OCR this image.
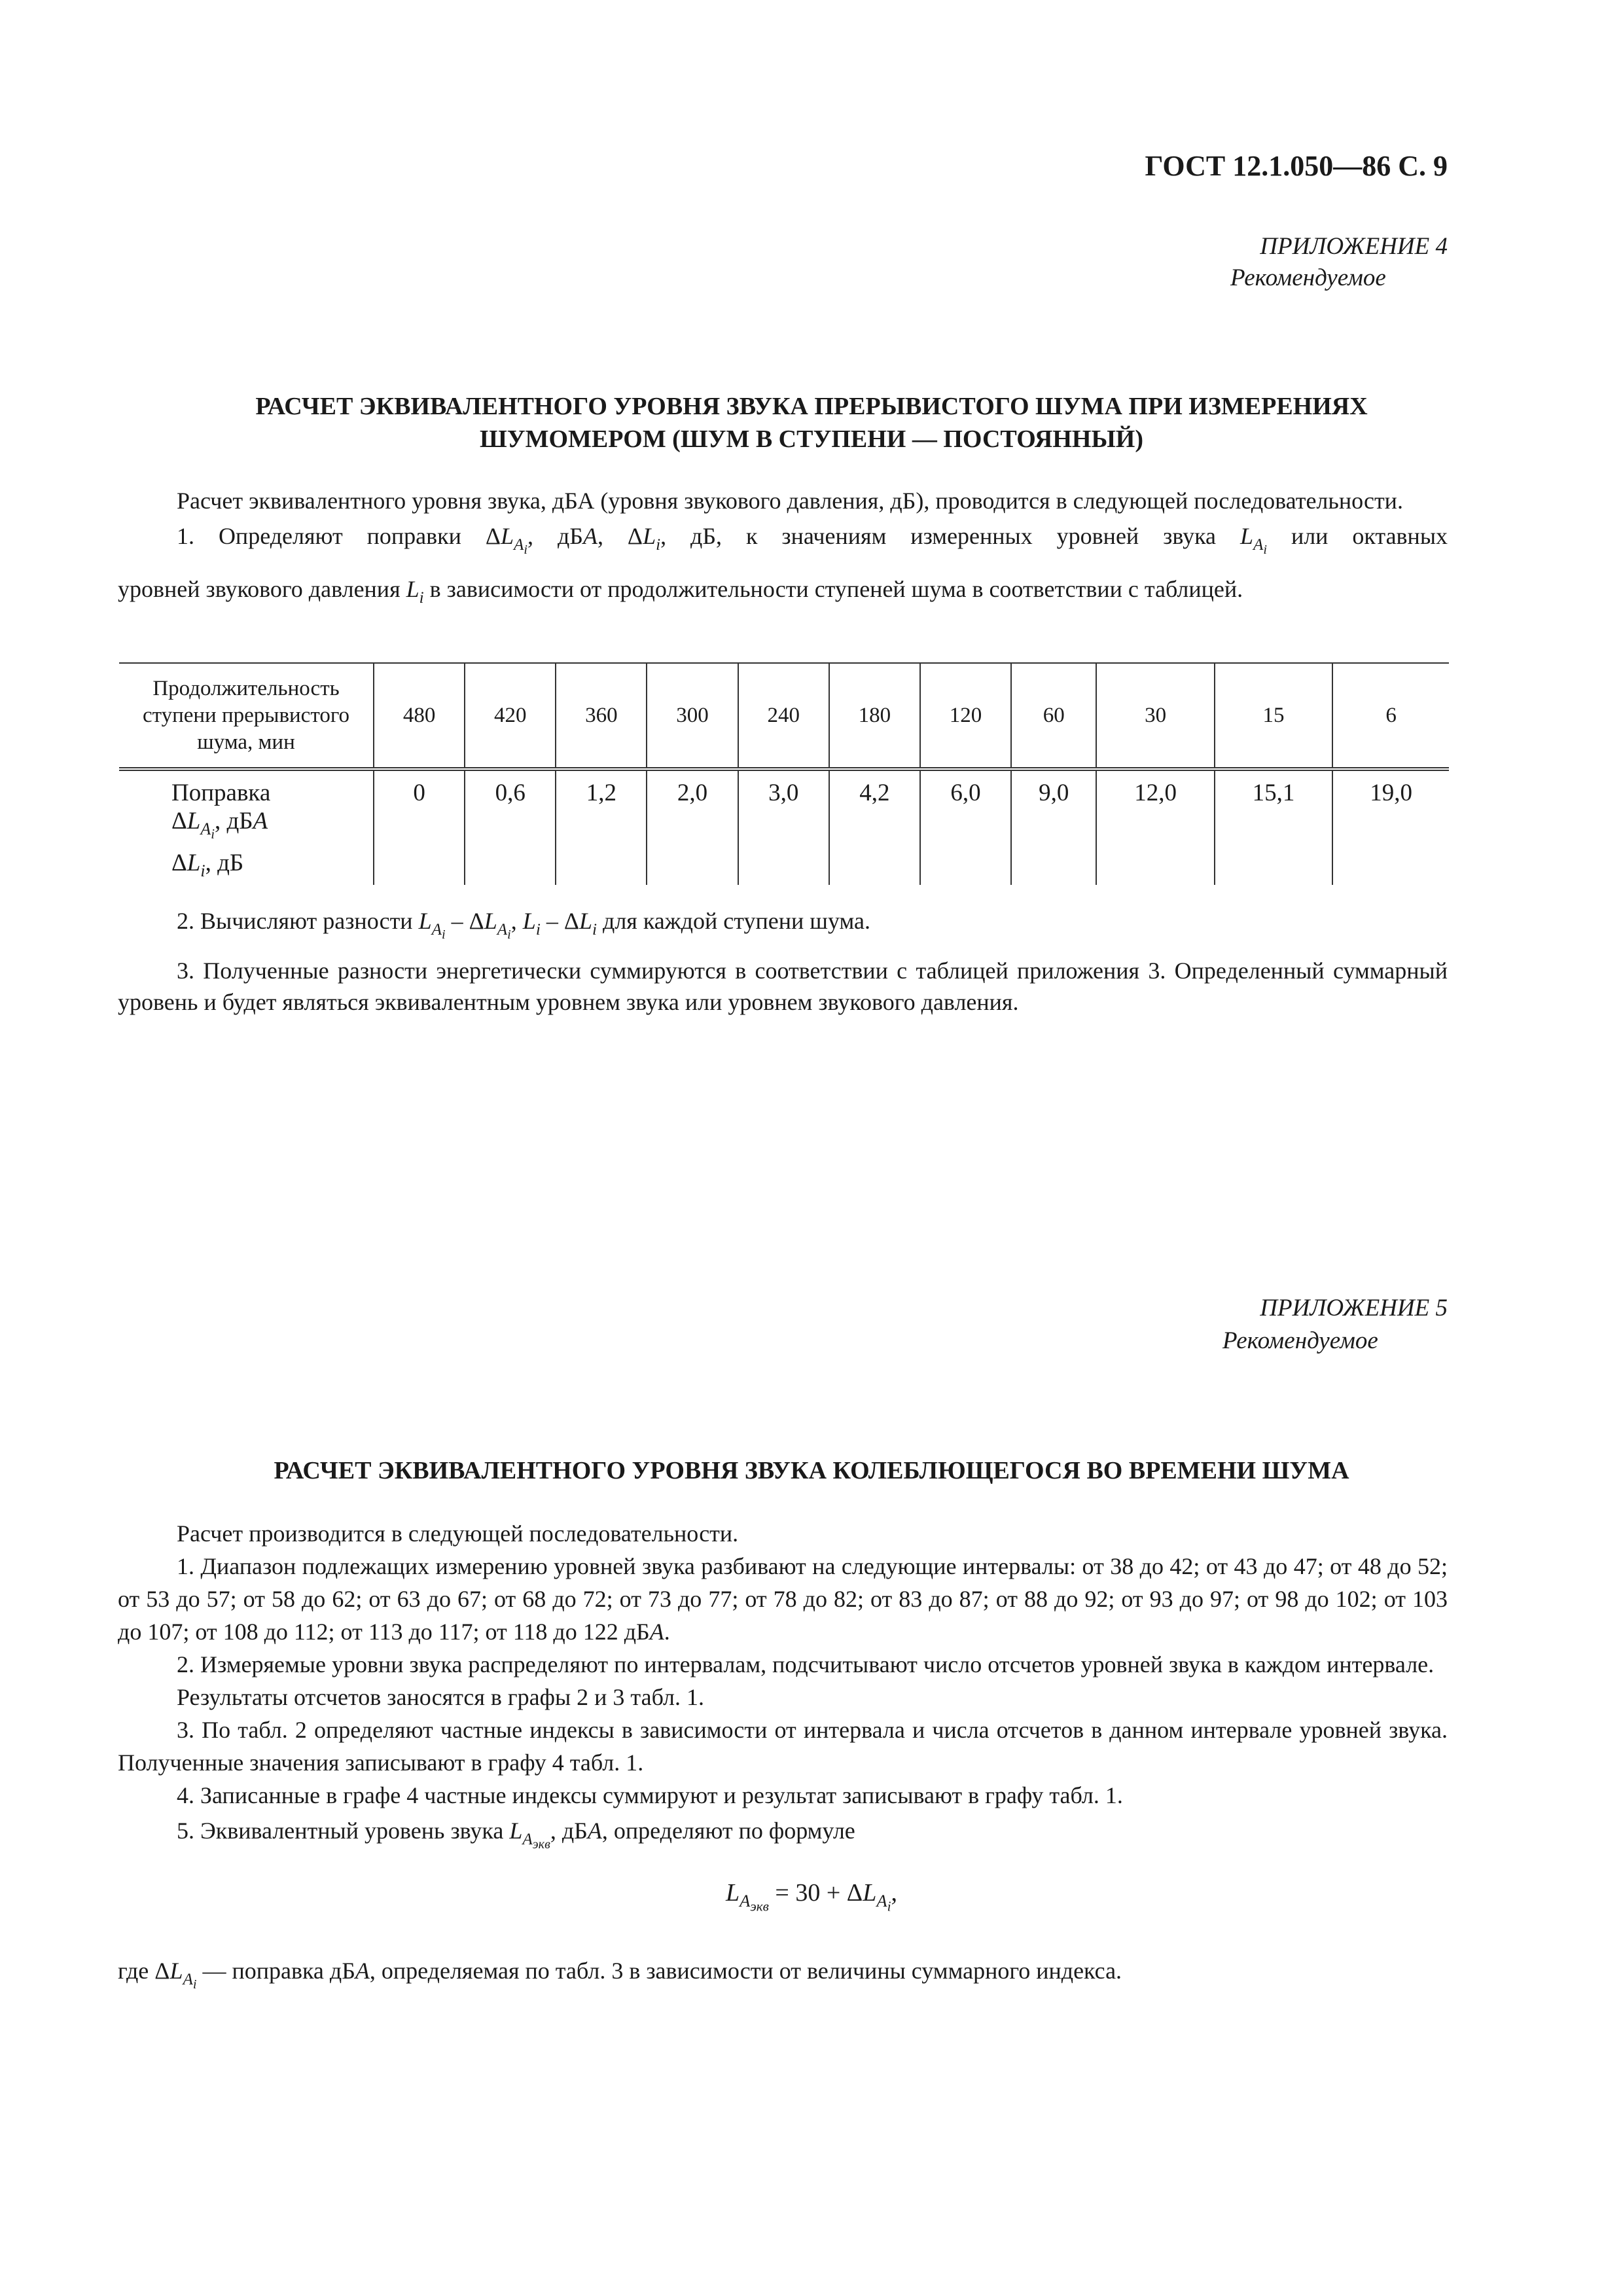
ГОСТ 12.1.050—86 С. 9
ПРИЛОЖЕНИЕ 4
Рекомендуемое

РАСЧЕТ ЭКВИВАЛЕНТНОГО УРОВНЯ ЗВУКА ПРЕРЫВИСТОГО ШУМА ПРИ ИЗМЕРЕНИЯХ

ШУМОМЕРОМ (ШУМ В СТУПЕНИ — ПОСТОЯННЫЙ)

Расчет эквивалентного уровня звука, дБА (уровня звукового давления, дБ), проводится в следующей последовательности.

1. Определяют поправки $\Delta L_{A_i}$, дБА, $\Delta L_i$, дБ, к значениям измеренных уровней звука $L_{A_i}$ или октавных

уровней звукового давления $L_i$ в зависимости от продолжительности ступеней шума в соответствии с таблицей.

Продолжительность
ступени прерывистого
шума, мин	480	420	360	300	240	180	120	60	30	15	6

Поправка
$\Delta L_{A_i}$, дБА
$\Delta L_i$, дБ	0	0,6	1,2	2,0	3,0	4,2	6,0	9,0	12,0	15,1	19,0

2. Вычисляют разности $L_{A_i} - \Delta L_{A_i}$, $L_i - \Delta L_i$ для каждой ступени шума.

3. Полученные разности энергетически суммируются в соответствии с таблицей приложения 3. Определенный суммарный уровень и будет являться эквивалентным уровнем звука или уровнем звукового давления.

ПРИЛОЖЕНИЕ 5
Рекомендуемое

РАСЧЕТ ЭКВИВАЛЕНТНОГО УРОВНЯ ЗВУКА КОЛЕБЛЮЩЕГОСЯ ВО ВРЕМЕНИ ШУМА

Расчет производится в следующей последовательности.

1. Диапазон подлежащих измерению уровней звука разбивают на следующие интервалы: от 38 до 42; от 43 до 47; от 48 до 52; от 53 до 57; от 58 до 62; от 63 до 67; от 68 до 72; от 73 до 77; от 78 до 82; от 83 до 87; от 88 до 92; от 93 до 97; от 98 до 102; от 103 до 107; от 108 до 112; от 113 до 117; от 118 до 122 дБА.

2. Измеряемые уровни звука распределяют по интервалам, подсчитывают число отсчетов уровней звука в каждом интервале.

Результаты отсчетов заносятся в графы 2 и 3 табл. 1.

3. По табл. 2 определяют частные индексы в зависимости от интервала и числа отсчетов в данном интервале уровней звука. Полученные значения записывают в графу 4 табл. 1.

4. Записанные в графе 4 частные индексы суммируют и результат записывают в графу табл. 1.

5. Эквивалентный уровень звука $L_{A_{экв}}$, дБА, определяют по формуле

$L_{A_{экв}} = 30 + \Delta L_{A_i}$,

где $\Delta L_{A_i}$ — поправка дБА, определяемая по табл. 3 в зависимости от величины суммарного индекса.
